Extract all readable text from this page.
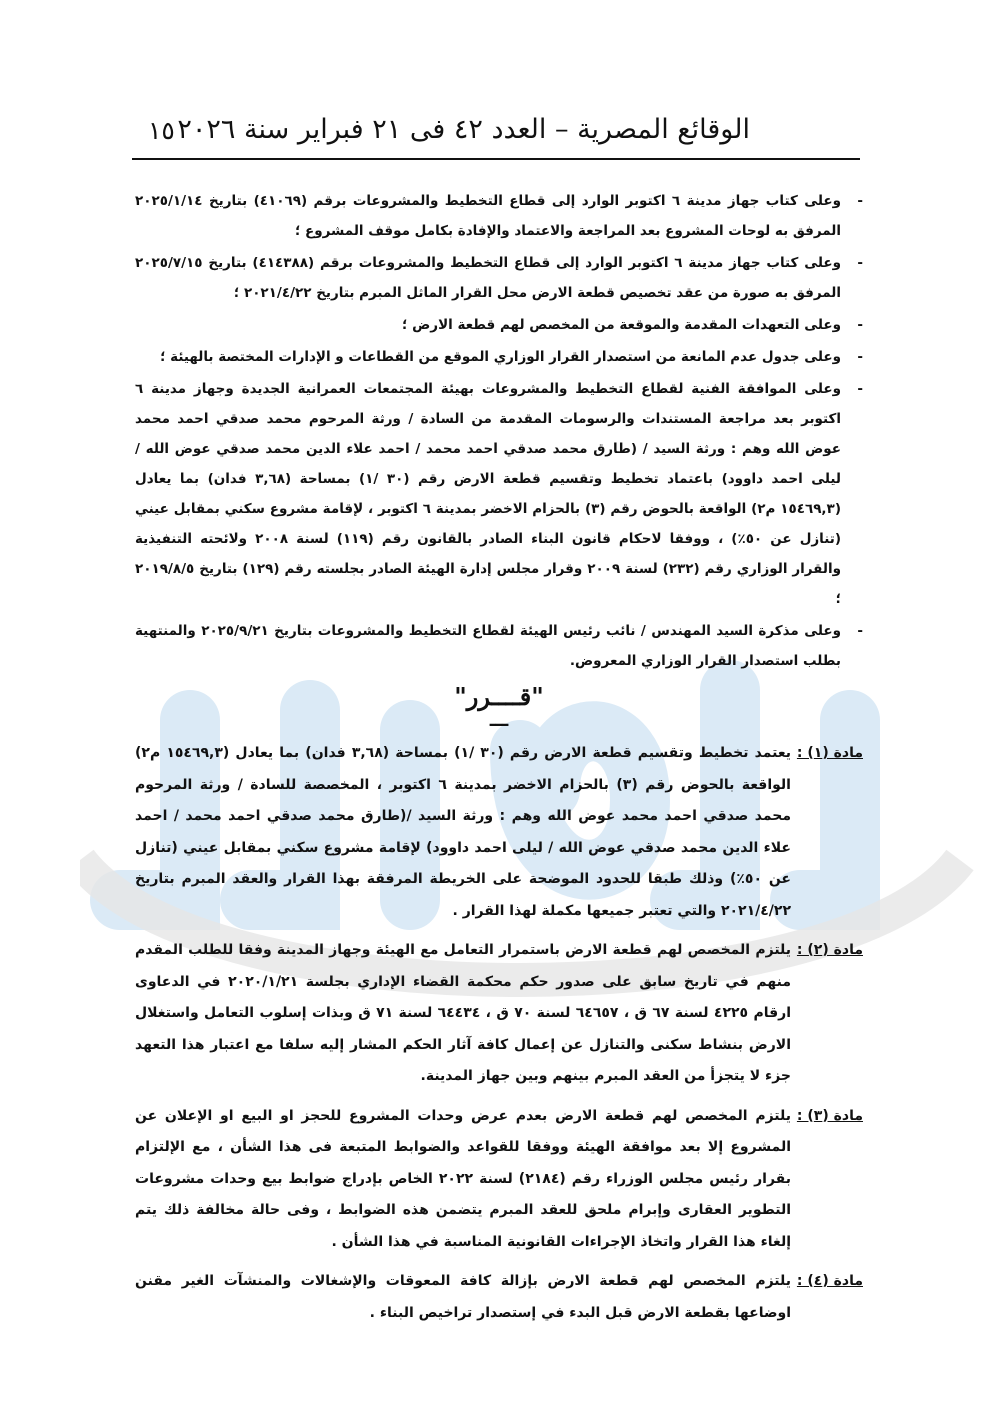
الوقائع المصرية – العدد ٤٢ فى ٢١ فبراير سنة ٢٠٢٦
١٥
-
وعلى كتاب جهاز مدينة ٦ اكتوبر الوارد إلى قطاع التخطيط والمشروعات برقم (٤١٠٦٩) بتاريخ ٢٠٢٥/١/١٤ المرفق به لوحات المشروع بعد المراجعة والاعتماد والإفادة بكامل موقف المشروع ؛
-
وعلى كتاب جهاز مدينة ٦ اكتوبر الوارد إلى قطاع التخطيط والمشروعات برقم (٤١٤٣٨٨) بتاريخ ٢٠٢٥/٧/١٥ المرفق به صورة من عقد تخصيص قطعة الارض محل القرار الماثل المبرم بتاريخ ٢٠٢١/٤/٢٢ ؛
-
وعلى التعهدات المقدمة والموقعة من المخصص لهم قطعة الارض ؛
-
وعلى جدول عدم المانعة من استصدار القرار الوزاري الموقع من القطاعات و الإدارات المختصة بالهيئة ؛
-
وعلى الموافقة الفنية لقطاع التخطيط والمشروعات بهيئة المجتمعات العمرانية الجديدة وجهاز مدينة ٦ اكتوبر بعد مراجعة المستندات والرسومات المقدمة من السادة / ورثة المرحوم محمد صدقي احمد محمد عوض الله وهم : ورثة السيد / (طارق محمد صدقي احمد محمد / احمد علاء الدين محمد صدقي عوض الله / ليلى احمد داوود) باعتماد تخطيط وتقسيم قطعة الارض رقم (٣٠ /١) بمساحة (٣,٦٨ فدان) بما يعادل (١٥٤٦٩,٣ م٢) الواقعة بالحوض رقم (٣) بالحزام الاخضر بمدينة ٦ اكتوبر ، لإقامة مشروع سكني بمقابل عيني (تنازل عن ٥٠٪) ، ووفقا لاحكام قانون البناء الصادر بالقانون رقم (١١٩) لسنة ٢٠٠٨ ولائحته التنفيذية والقرار الوزاري رقم (٢٣٢) لسنة ٢٠٠٩ وقرار مجلس إدارة الهيئة الصادر بجلسته رقم (١٢٩) بتاريخ ٢٠١٩/٨/٥ ؛
-
وعلى مذكرة السيد المهندس / نائب رئيس الهيئة لقطاع التخطيط والمشروعات بتاريخ ٢٠٢٥/٩/٢١ والمنتهية بطلب استصدار القرار الوزاري المعروض.
"قــــرر"
ـــ
مادة (١) :
يعتمد تخطيط وتقسيم قطعة الارض رقم (٣٠ /١) بمساحة (٣,٦٨ فدان) بما يعادل (١٥٤٦٩,٣ م٢) الواقعة بالحوض رقم (٣) بالحزام الاخضر بمدينة ٦ اكتوبر ، المخصصة للسادة / ورثة المرحوم محمد صدقي احمد محمد عوض الله وهم : ورثة السيد /(طارق محمد صدقي احمد محمد / احمد علاء الدين محمد صدقي عوض الله / ليلى احمد داوود) لإقامة مشروع سكني بمقابل عيني (تنازل عن ٥٠٪) وذلك طبقا للحدود الموضحة على الخريطة المرفقة بهذا القرار والعقد المبرم بتاريخ ٢٠٢١/٤/٢٢ والتي تعتبر جميعها مكملة لهذا القرار .
مادة (٢) :
يلتزم المخصص لهم قطعة الارض باستمرار التعامل مع الهيئة وجهاز المدينة وفقا للطلب المقدم منهم في تاريخ سابق على صدور حكم محكمة القضاء الإداري بجلسة ٢٠٢٠/١/٢١ في الدعاوى ارقام ٤٢٢٥ لسنة ٦٧ ق ، ٦٤٦٥٧ لسنة ٧٠ ق ، ٦٤٤٣٤ لسنة ٧١ ق وبذات إسلوب التعامل واستغلال الارض بنشاط سكنى والتنازل عن إعمال كافة آثار الحكم المشار إليه سلفا مع اعتبار هذا التعهد جزء لا يتجزأ من العقد المبرم بينهم وبين جهاز المدينة.
مادة (٣) :
يلتزم المخصص لهم قطعة الارض بعدم عرض وحدات المشروع للحجز او البيع او الإعلان عن المشروع إلا بعد موافقة الهيئة ووفقا للقواعد والضوابط المتبعة فى هذا الشأن ، مع الإلتزام بقرار رئيس مجلس الوزراء رقم (٢١٨٤) لسنة ٢٠٢٢ الخاص بإدراج ضوابط بيع وحدات مشروعات التطوير العقارى وإبرام ملحق للعقد المبرم يتضمن هذه الضوابط ، وفى حالة مخالفة ذلك يتم إلغاء هذا القرار واتخاذ الإجراءات القانونية المناسبة في هذا الشأن .
مادة (٤) :
يلتزم المخصص لهم قطعة الارض بإزالة كافة المعوقات والإشغالات والمنشآت الغير مقنن اوضاعها بقطعة الارض قبل البدء في إستصدار تراخيص البناء .
